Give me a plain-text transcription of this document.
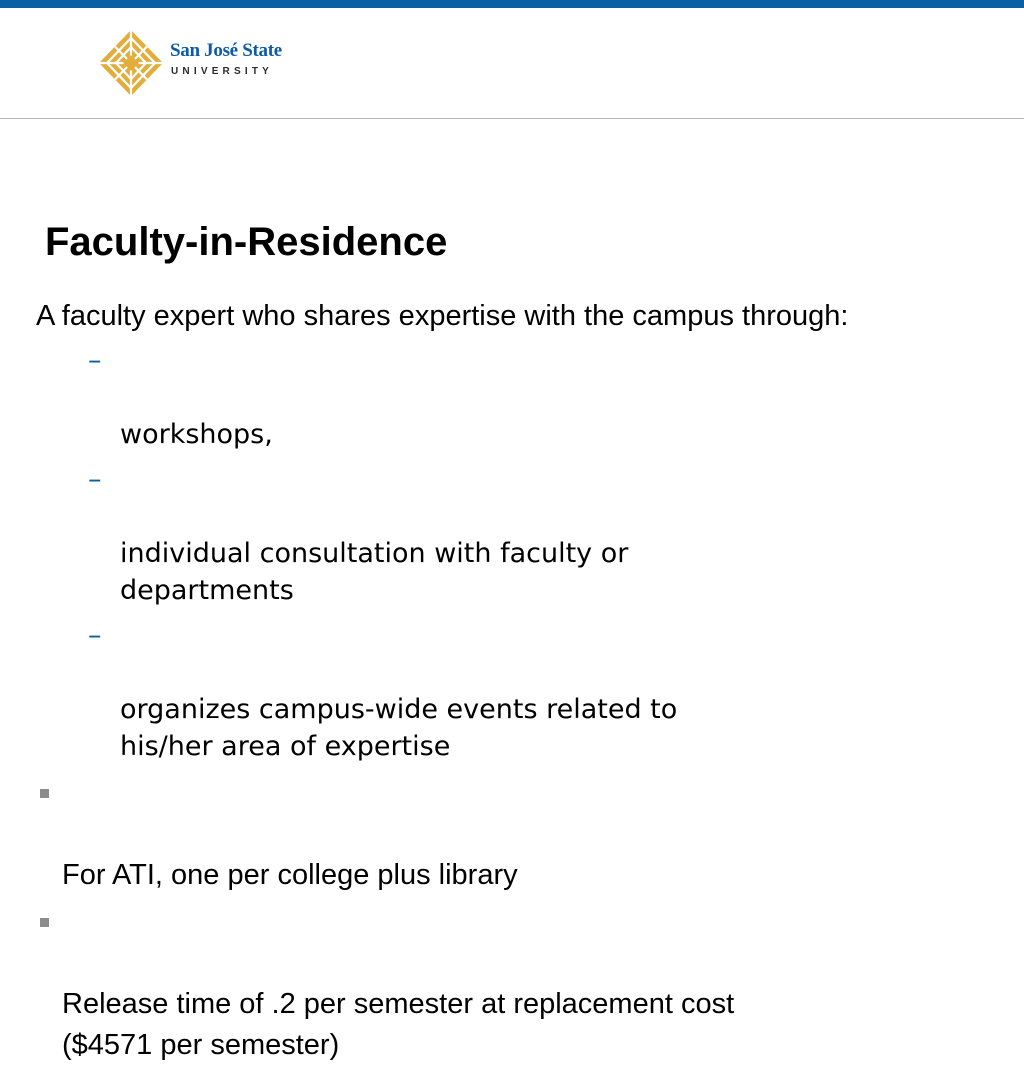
San José State
UNIVERSITY
Faculty-in-Residence

A faculty expert who shares expertise with the campus through:

–

workshops,

–

individual consultation with faculty or
departments

–

organizes campus-wide events related to
his/her area of expertise

For ATI, one per college plus library

Release time of .2 per semester at replacement cost
($4571 per semester)
